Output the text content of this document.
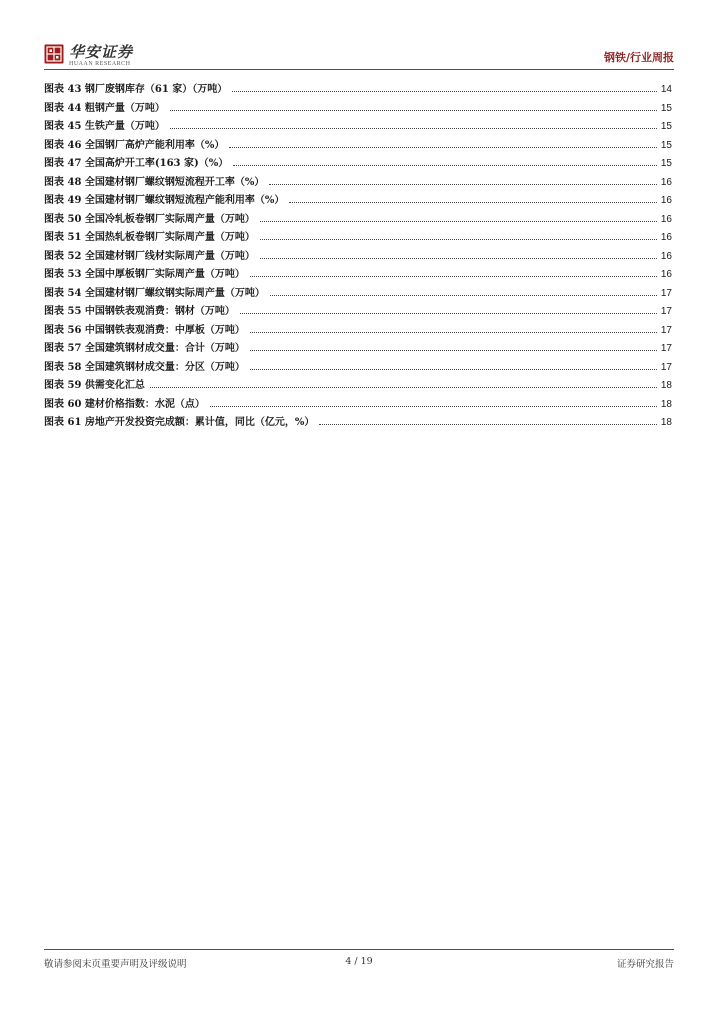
华安证券
HUAAN RESEARCH	钢铁/行业周报
图表 43 钢厂废钢库存（61 家）（万吨）	14
图表 44 粗钢产量（万吨）	15
图表 45 生铁产量（万吨）	15
图表 46 全国钢厂高炉产能利用率（%）	15
图表 47 全国高炉开工率(163 家)（%）	15
图表 48 全国建材钢厂螺纹钢短流程开工率（%）	16
图表 49 全国建材钢厂螺纹钢短流程产能利用率（%）	16
图表 50 全国冷轧板卷钢厂实际周产量（万吨）	16
图表 51 全国热轧板卷钢厂实际周产量（万吨）	16
图表 52 全国建材钢厂线材实际周产量（万吨）	16
图表 53 全国中厚板钢厂实际周产量（万吨）	16
图表 54 全国建材钢厂螺纹钢实际周产量（万吨）	17
图表 55 中国钢铁表观消费：钢材（万吨）	17
图表 56 中国钢铁表观消费：中厚板（万吨）	17
图表 57 全国建筑钢材成交量：合计（万吨）	17
图表 58 全国建筑钢材成交量：分区（万吨）	17
图表 59 供需变化汇总	18
图表 60 建材价格指数：水泥（点）	18
图表 61 房地产开发投资完成额：累计值，同比（亿元，%）	18
敬请参阅末页重要声明及评级说明	4 / 19	证券研究报告
